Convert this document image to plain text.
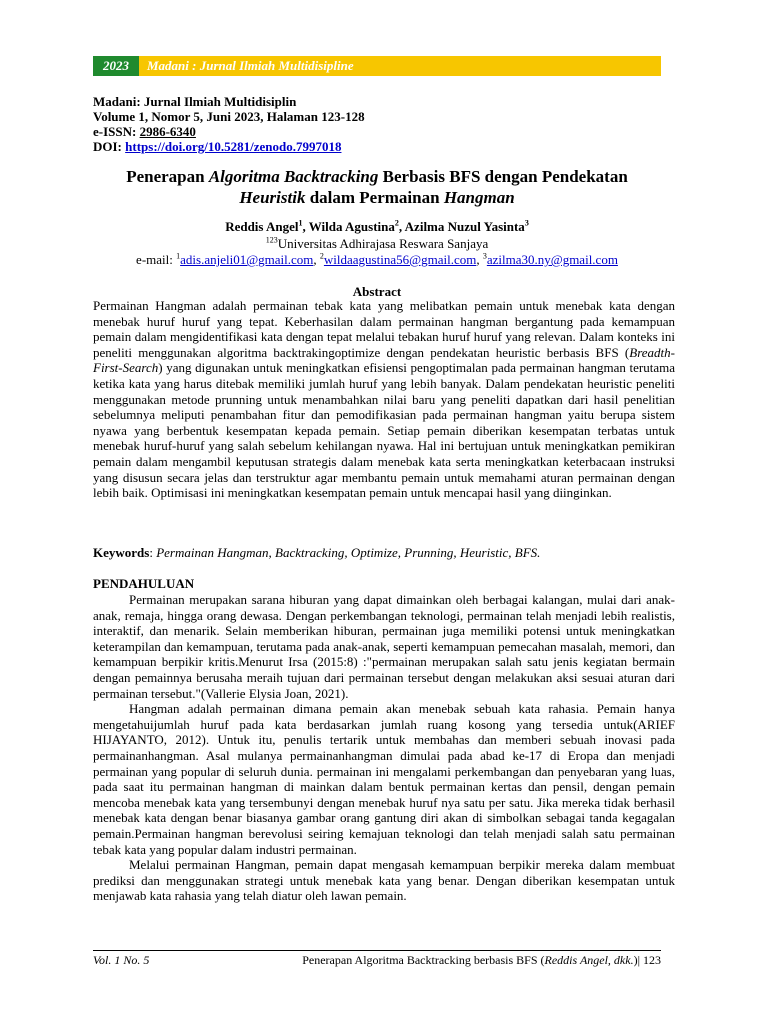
2023	Madani : Jurnal Ilmiah Multidisipline
Madani: Jurnal Ilmiah Multidisiplin
Volume 1, Nomor 5, Juni 2023, Halaman 123-128
e-ISSN: 2986-6340
DOI: https://doi.org/10.5281/zenodo.7997018
Penerapan Algoritma Backtracking Berbasis BFS dengan Pendekatan
Heuristik dalam Permainan Hangman
Reddis Angel$^1$, Wilda Agustina$^2$, Azilma Nuzul Yasinta$^3$
$^{123}$Universitas Adhirajasa Reswara Sanjaya
e-mail: $^1$adis.anjeli01@gmail.com, $^2$wildaagustina56@gmail.com, $^3$azilma30.ny@gmail.com
Abstract

Permainan Hangman adalah permainan tebak kata yang melibatkan pemain untuk menebak kata dengan menebak huruf huruf yang tepat. Keberhasilan dalam permainan hangman bergantung pada kemampuan pemain dalam mengidentifikasi kata dengan tepat melalui tebakan huruf huruf yang relevan. Dalam konteks ini peneliti menggunakan algoritma backtrakingoptimize dengan pendekatan heuristic berbasis BFS (Breadth-First-Search) yang digunakan untuk meningkatkan efisiensi pengoptimalan pada permainan hangman terutama ketika kata yang harus ditebak memiliki jumlah huruf yang lebih banyak. Dalam pendekatan heuristic peneliti menggunakan metode prunning untuk menambahkan nilai baru yang peneliti dapatkan dari hasil penelitian sebelumnya meliputi penambahan fitur dan pemodifikasian pada permainan hangman yaitu berupa sistem nyawa yang berbentuk kesempatan kepada pemain. Setiap pemain diberikan kesempatan terbatas untuk menebak huruf-huruf yang salah sebelum kehilangan nyawa. Hal ini bertujuan untuk meningkatkan pemikiran pemain dalam mengambil keputusan strategis dalam menebak kata serta meningkatkan keterbacaan instruksi yang disusun secara jelas dan terstruktur agar membantu pemain untuk memahami aturan permainan dengan lebih baik. Optimisasi ini meningkatkan kesempatan pemain untuk mencapai hasil yang diinginkan.

Keywords: Permainan Hangman, Backtracking, Optimize, Prunning, Heuristic, BFS.
PENDAHULUAN

Permainan merupakan sarana hiburan yang dapat dimainkan oleh berbagai kalangan, mulai dari anak-anak, remaja, hingga orang dewasa. Dengan perkembangan teknologi, permainan telah menjadi lebih realistis, interaktif, dan menarik. Selain memberikan hiburan, permainan juga memiliki potensi untuk meningkatkan keterampilan dan kemampuan, terutama pada anak-anak, seperti kemampuan pemecahan masalah, memori, dan kemampuan berpikir kritis.Menurut Irsa (2015:8) :"permainan merupakan salah satu jenis kegiatan bermain dengan pemainnya berusaha meraih tujuan dari permainan tersebut dengan melakukan aksi sesuai aturan dari permainan tersebut."(Vallerie Elysia Joan, 2021).

Hangman adalah permainan dimana pemain akan menebak sebuah kata rahasia. Pemain hanya mengetahuijumlah huruf pada kata berdasarkan jumlah ruang kosong yang tersedia untuk(ARIEF HIJAYANTO, 2012). Untuk itu, penulis tertarik untuk membahas dan memberi sebuah inovasi pada permainanhangman. Asal mulanya permainanhangman dimulai pada abad ke-17 di Eropa dan menjadi permainan yang popular di seluruh dunia. permainan ini mengalami perkembangan dan penyebaran yang luas, pada saat itu permainan hangman di mainkan dalam bentuk permainan kertas dan pensil, dengan pemain mencoba menebak kata yang tersembunyi dengan menebak huruf nya satu per satu. Jika mereka tidak berhasil menebak kata dengan benar biasanya gambar orang gantung diri akan di simbolkan sebagai tanda kegagalan pemain.Permainan hangman berevolusi seiring kemajuan teknologi dan telah menjadi salah satu permainan tebak kata yang popular dalam industri permainan.

Melalui permainan Hangman, pemain dapat mengasah kemampuan berpikir mereka dalam membuat prediksi dan menggunakan strategi untuk menebak kata yang benar. Dengan diberikan kesempatan untuk menjawab kata rahasia yang telah diatur oleh lawan pemain.

Vol. 1 No. 5	Penerapan Algoritma Backtracking berbasis BFS (Reddis Angel, dkk.)| 123
